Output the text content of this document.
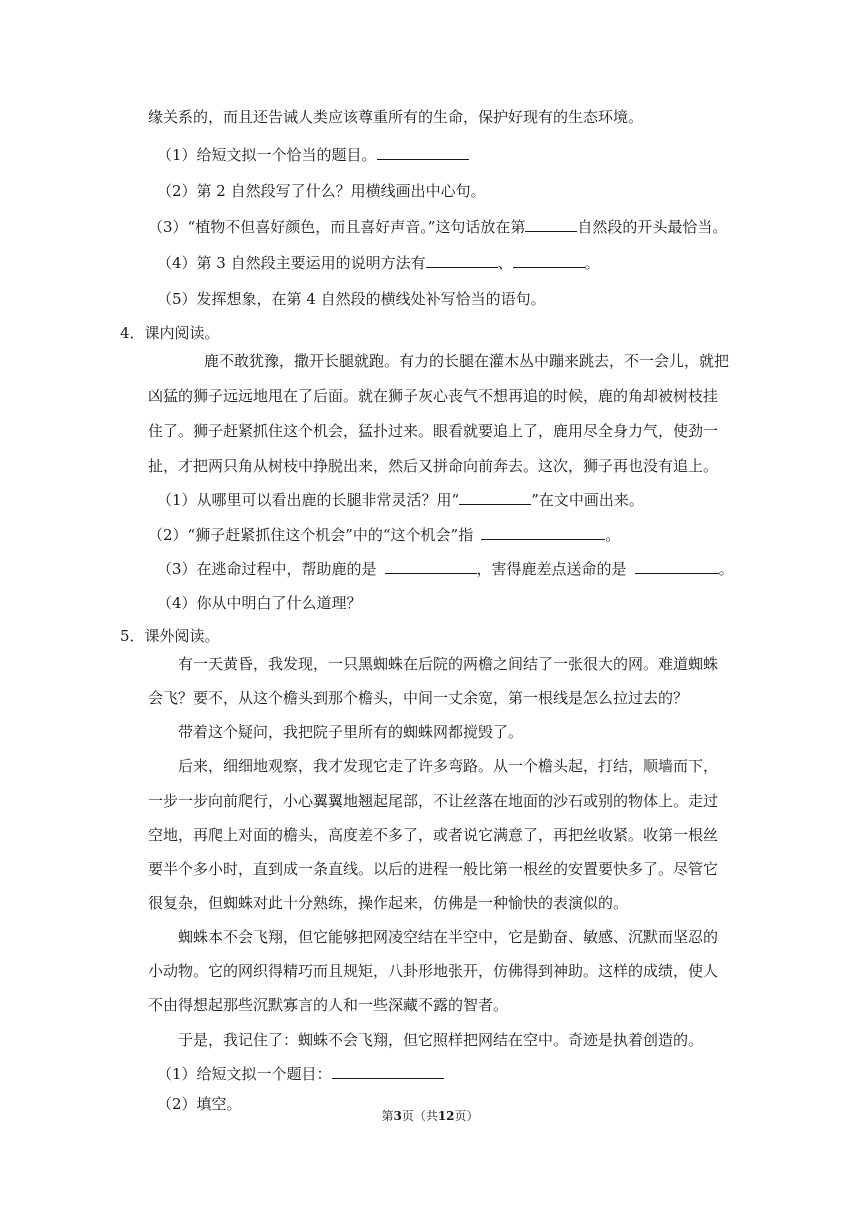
缘关系的，而且还告诫人类应该尊重所有的生命，保护好现有的生态环境。
（1）给短文拟一个恰当的题目。
（2）第 2 自然段写了什么？用横线画出中心句。
（3）“植物不但喜好颜色，而且喜好声音。”这句话放在第	自然段的开头最恰当。
（4）第 3 自然段主要运用的说明方法有	、	。
（5）发挥想象，在第 4 自然段的横线处补写恰当的语句。
4．课内阅读。
鹿不敢犹豫，撒开长腿就跑。有力的长腿在灌木丛中蹦来跳去，不一会儿，就把
凶猛的狮子远远地甩在了后面。就在狮子灰心丧气不想再追的时候，鹿的角却被树枝挂
住了。狮子赶紧抓住这个机会，猛扑过来。眼看就要追上了，鹿用尽全身力气，使劲一
扯，才把两只角从树枝中挣脱出来，然后又拼命向前奔去。这次，狮子再也没有追上。
（1）从哪里可以看出鹿的长腿非常灵活？用“	”在文中画出来。
（2）“狮子赶紧抓住这个机会”中的“这个机会”指	。
（3）在逃命过程中，帮助鹿的是	，害得鹿差点送命的是	。
（4）你从中明白了什么道理？
5．课外阅读。
有一天黄昏，我发现，一只黑蜘蛛在后院的两檐之间结了一张很大的网。难道蜘蛛
会飞？要不，从这个檐头到那个檐头，中间一丈余宽，第一根线是怎么拉过去的？
带着这个疑问，我把院子里所有的蜘蛛网都搅毁了。
后来，细细地观察，我才发现它走了许多弯路。从一个檐头起，打结，顺墙而下，
一步一步向前爬行，小心翼翼地翘起尾部，不让丝落在地面的沙石或别的物体上。走过
空地，再爬上对面的檐头，高度差不多了，或者说它满意了，再把丝收紧。收第一根丝
要半个多小时，直到成一条直线。以后的进程一般比第一根丝的安置要快多了。尽管它
很复杂，但蜘蛛对此十分熟练，操作起来，仿佛是一种愉快的表演似的。
蜘蛛本不会飞翔，但它能够把网凌空结在半空中，它是勤奋、敏感、沉默而坚忍的
小动物。它的网织得精巧而且规矩，八卦形地张开，仿佛得到神助。这样的成绩，使人
不由得想起那些沉默寡言的人和一些深藏不露的智者。
于是，我记住了：蜘蛛不会飞翔，但它照样把网结在空中。奇迹是执着创造的。
（1）给短文拟一个题目：
（2）填空。
第3页（共12页）
